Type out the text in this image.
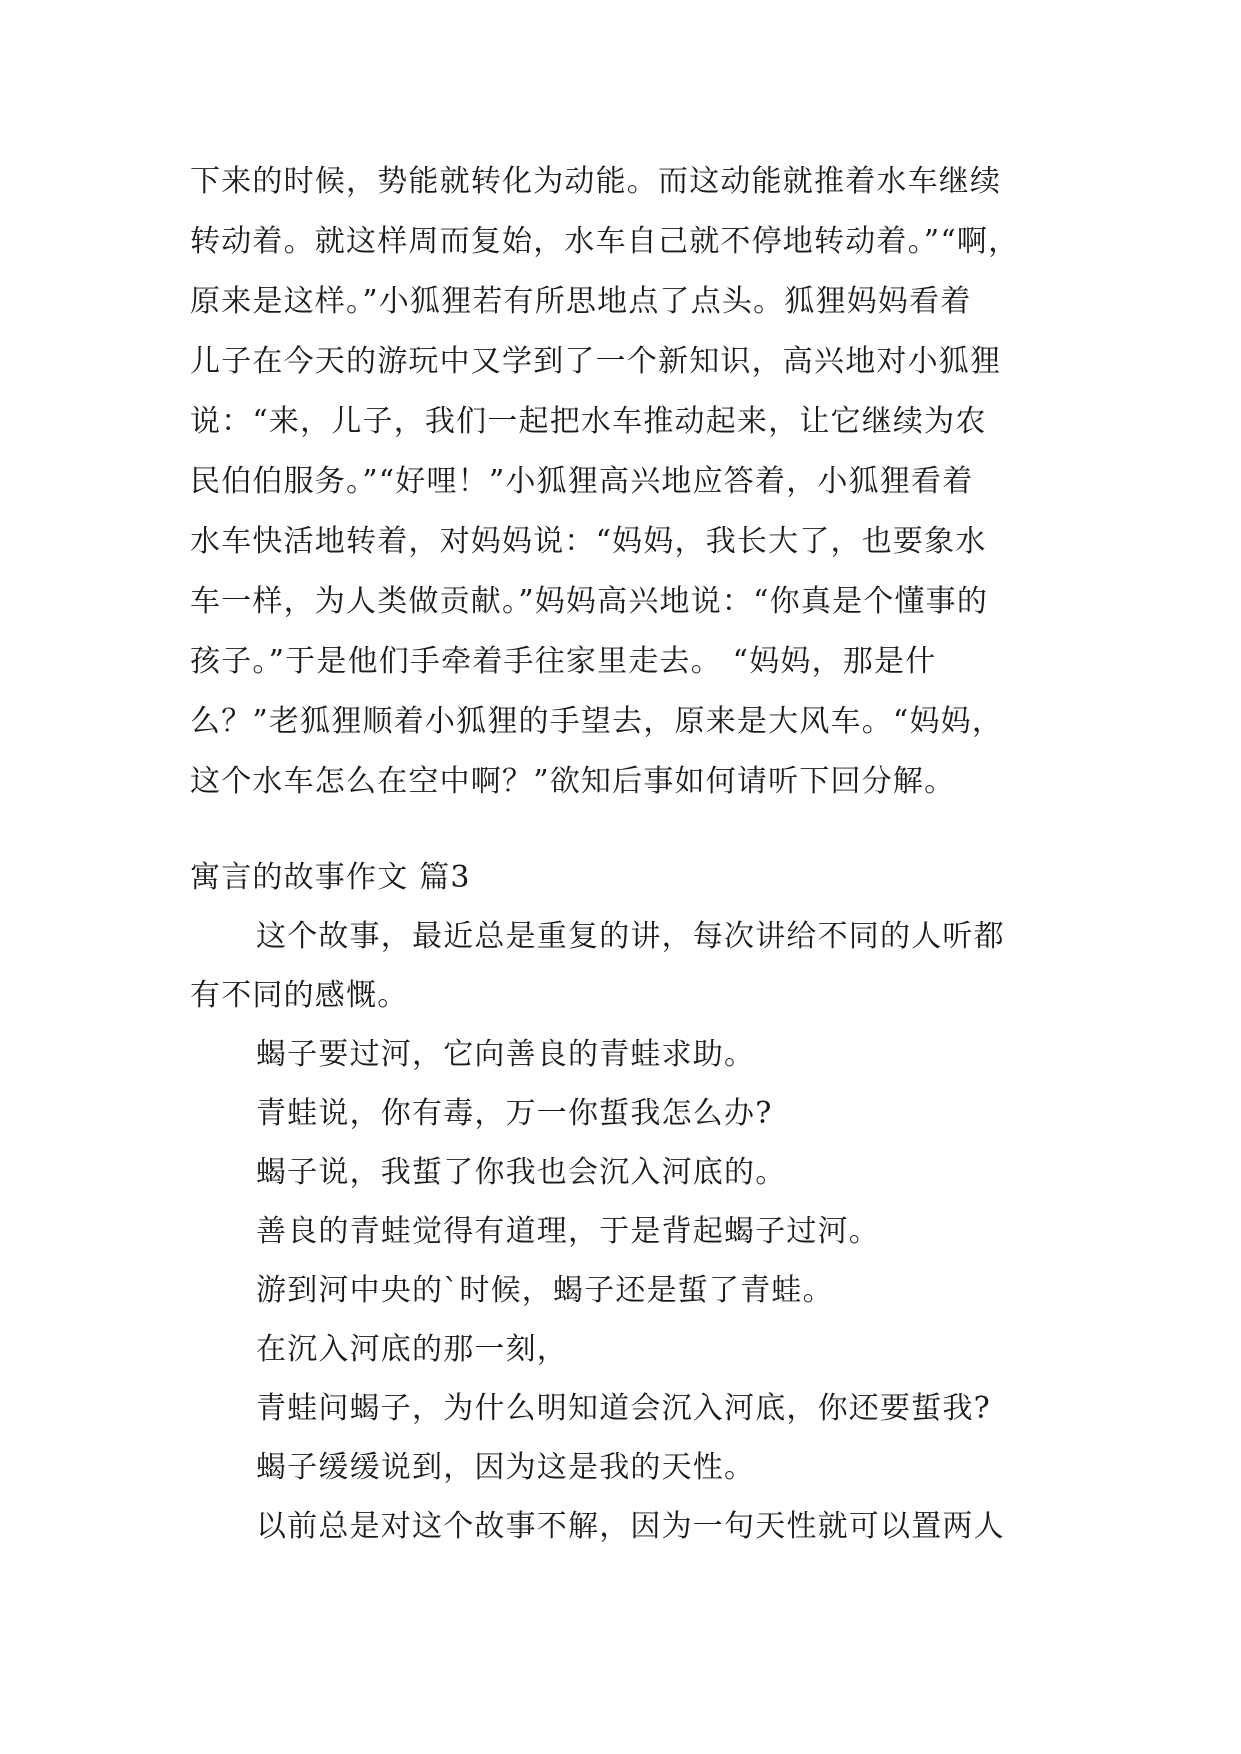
下来的时候，势能就转化为动能。而这动能就推着水车继续
转动着。就这样周而复始，水车自己就不停地转动着。”“啊，
原来是这样。”小狐狸若有所思地点了点头。狐狸妈妈看着
儿子在今天的游玩中又学到了一个新知识，高兴地对小狐狸
说：“来，儿子，我们一起把水车推动起来，让它继续为农
民伯伯服务。”“好哩！”小狐狸高兴地应答着，小狐狸看着
水车快活地转着，对妈妈说：“妈妈，我长大了，也要象水
车一样，为人类做贡献。”妈妈高兴地说：“你真是个懂事的
孩子。”于是他们手牵着手往家里走去。 “妈妈，那是什
么？”老狐狸顺着小狐狸的手望去，原来是大风车。“妈妈，
这个水车怎么在空中啊？”欲知后事如何请听下回分解。
寓言的故事作文 篇3
这个故事，最近总是重复的讲，每次讲给不同的人听都
有不同的感慨。
蝎子要过河，它向善良的青蛙求助。
青蛙说，你有毒，万一你蜇我怎么办?
蝎子说，我蜇了你我也会沉入河底的。
善良的青蛙觉得有道理，于是背起蝎子过河。
游到河中央的`时候，蝎子还是蜇了青蛙。
在沉入河底的那一刻，
青蛙问蝎子，为什么明知道会沉入河底，你还要蜇我?
蝎子缓缓说到，因为这是我的天性。
以前总是对这个故事不解，因为一句天性就可以置两人
